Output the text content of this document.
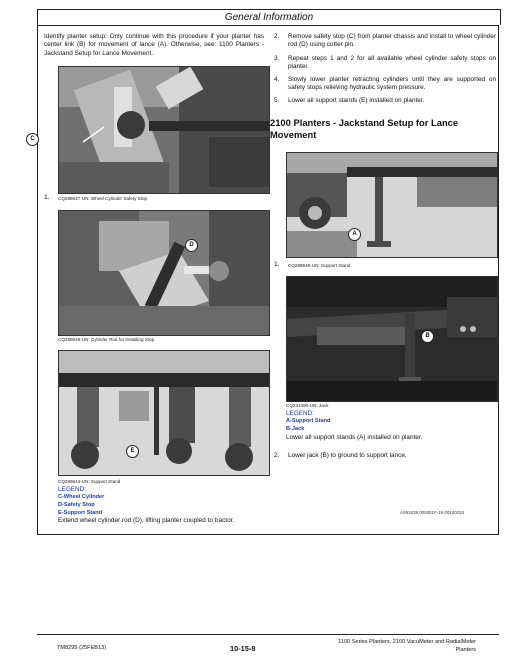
General Information
Identify planter setup: Only continue with this procedure if your planter has center link (B) for movement of lance (A). Otherwise, see: 1100 Planters - Jackstand Setup for Lance Movement.
C
1. CQ289647-UN: Wheel Cylinder Safety Stop
D
CQ289646-UN: Cylinder Rod for Installing Stop
E
CQ289644-UN: Support Stand
LEGEND:
C-Wheel Cylinder
D-Safety Stop
E-Support Stand
Extend wheel cylinder rod (D), lifting planter coupled to tractor.
2. Remove safety stop (C) from planter chassis and install to wheel cylinder rod (D) using cotter pin.
3. Repeat steps 1 and 2 for all available wheel cylinder safety stops on planter.
4. Slowly lower planter retracting cylinders until they are supported on safety stops relieving hydraulic system pressure.
5. Lower all support stands (E) installed on planter.
2100 Planters - Jackstand Setup for Lance Movement
A
1. CQ289648-UN: Support Stand
B
CQ231390-UN: Jack
LEGEND:
A-Support Stand
B-Jack
Lower all support stands (A) installed on planter.
2. Lower jack (B) to ground to support lance.
AS63438,000001F-19-20120224
TM8295 (25FEB13)	10-15-8
1100 Series Planters, 2100 VacuMeter and RadialMeter
Planters
